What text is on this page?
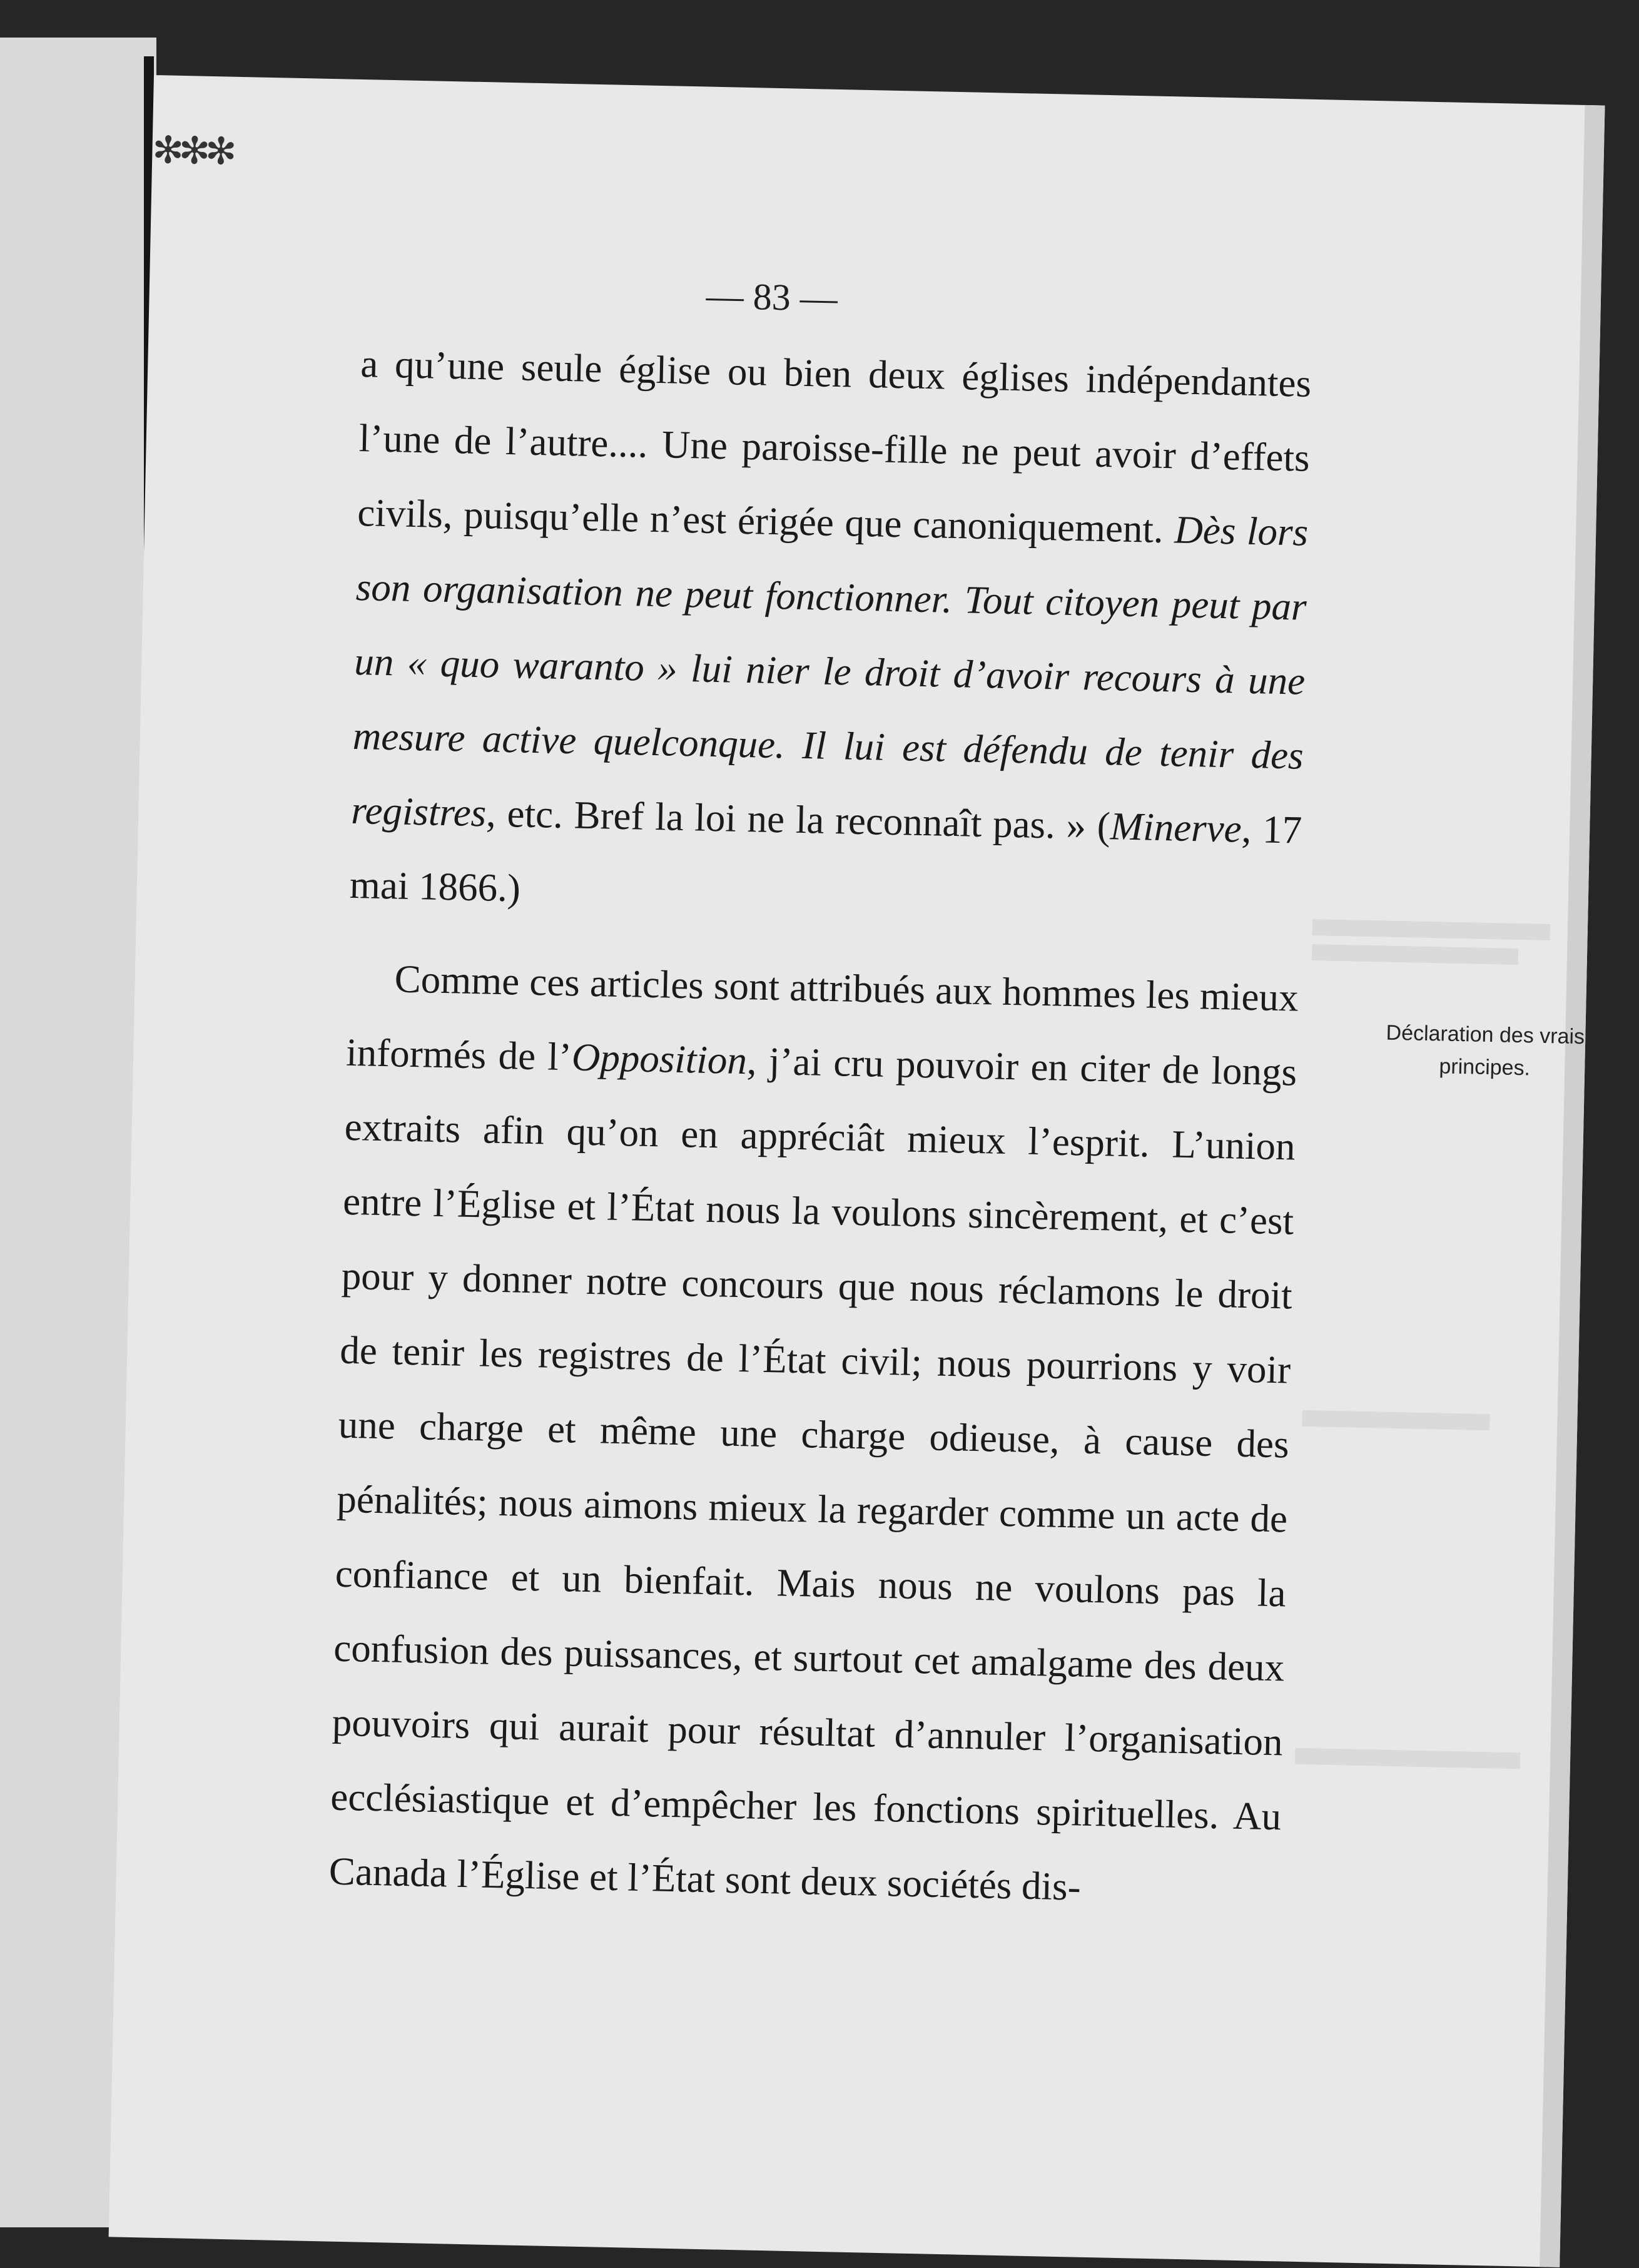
✻✻✻
— 83 —

a qu’une seule église ou bien deux églises indépendantes l’une de l’autre.... Une paroisse-fille ne peut avoir d’effets civils, puisqu’elle n’est érigée que canoniquement. Dès lors son organisation ne peut fonctionner. Tout citoyen peut par un « quo waranto » lui nier le droit d’avoir recours à une mesure active quelconque. Il lui est défendu de tenir des registres, etc. Bref la loi ne la reconnaît pas. » (Minerve, 17 mai 1866.)

Comme ces articles sont attribués aux hommes les mieux informés de l’Opposition, j’ai cru pouvoir en citer de longs extraits afin qu’on en appréciât mieux l’esprit. L’union entre l’Église et l’État nous la voulons sincèrement, et c’est pour y donner notre concours que nous réclamons le droit de tenir les registres de l’État civil; nous pourrions y voir une charge et même une charge odieuse, à cause des pénalités; nous aimons mieux la regarder comme un acte de confiance et un bienfait. Mais nous ne voulons pas la confusion des puissances, et surtout cet amalgame des deux pouvoirs qui aurait pour résultat d’annuler l’organisation ecclésiastique et d’empêcher les fonctions spirituelles. Au Canada l’Église et l’État sont deux sociétés dis-

Déclaration des vrais principes.
